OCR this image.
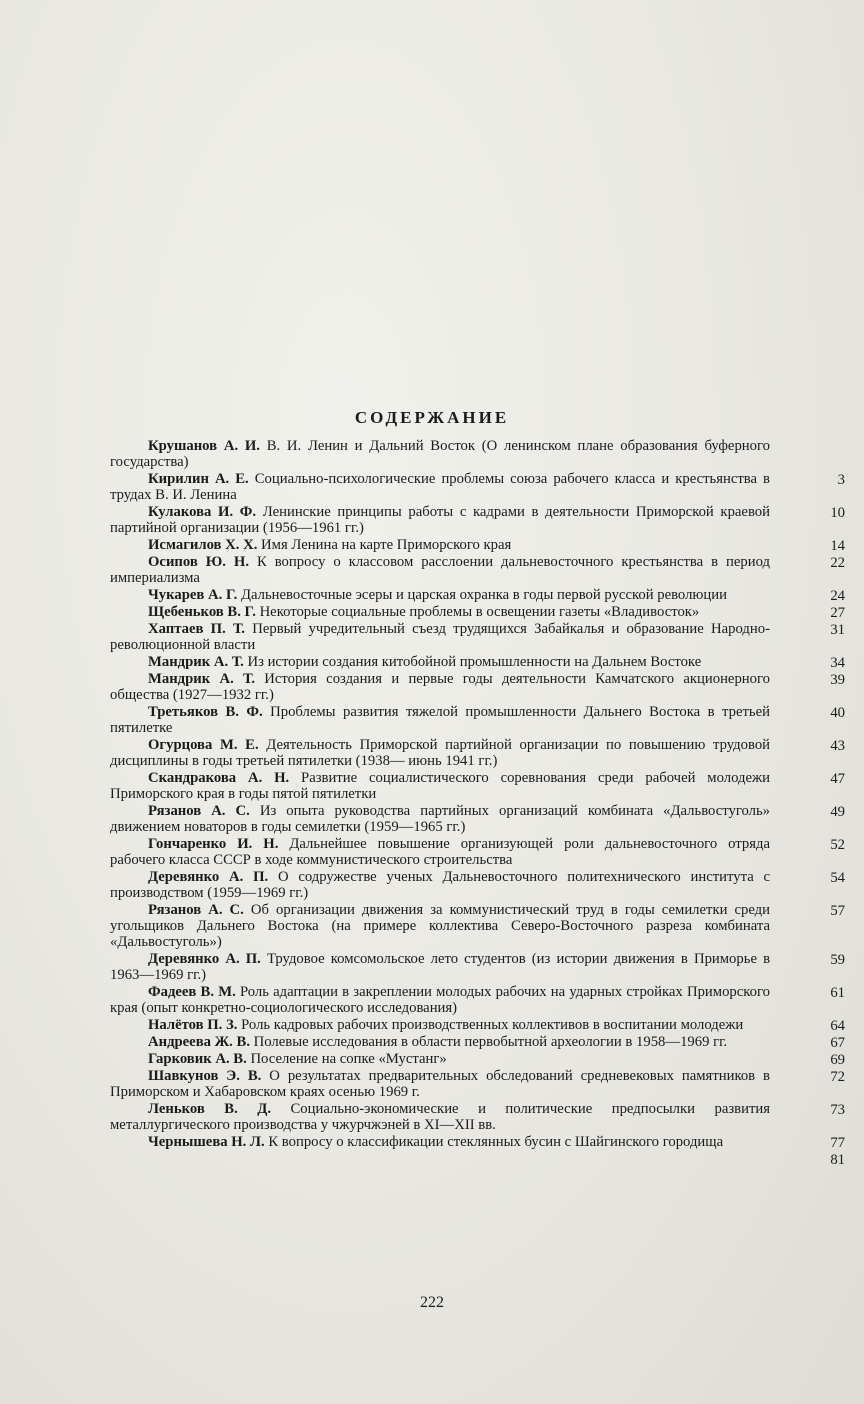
СОДЕРЖАНИЕ
Крушанов А. И. В. И. Ленин и Дальний Восток (О ленинском плане образования буферного государства)
3
Кирилин А. Е. Социально-психологические проблемы союза рабочего класса и крестьянства в трудах В. И. Ленина
10
Кулакова И. Ф. Ленинские принципы работы с кадрами в деятельности Приморской краевой партийной организации (1956—1961 гг.)
14
Исмагилов X. X. Имя Ленина на карте Приморского края
22
Осипов Ю. Н. К вопросу о классовом расслоении дальневосточного крестьянства в период империализма
24
Чукарев А. Г. Дальневосточные эсеры и царская охранка в годы первой русской революции
27
Щебеньков В. Г. Некоторые социальные проблемы в освещении газеты «Владивосток»
31
Хаптаев П. Т. Первый учредительный съезд трудящихся Забайкалья и образование Народно-революционной власти
34
Мандрик А. Т. Из истории создания китобойной промышленности на Дальнем Востоке
39
Мандрик А. Т. История создания и первые годы деятельности Камчатского акционерного общества (1927—1932 гг.)
40
Третьяков В. Ф. Проблемы развития тяжелой промышленности Дальнего Востока в третьей пятилетке
43
Огурцова М. Е. Деятельность Приморской партийной организации по повышению трудовой дисциплины в годы третьей пятилетки (1938— июнь 1941 гг.)
47
Скандракова А. Н. Развитие социалистического соревнования среди рабочей молодежи Приморского края в годы пятой пятилетки
49
Рязанов А. С. Из опыта руководства партийных организаций комбината «Дальвостуголь» движением новаторов в годы семилетки (1959—1965 гг.)
52
Гончаренко И. Н. Дальнейшее повышение организующей роли дальневосточного отряда рабочего класса СССР в ходе коммунистического строительства
54
Деревянко А. П. О содружестве ученых Дальневосточного политехнического института с производством (1959—1969 гг.)
57
Рязанов А. С. Об организации движения за коммунистический труд в годы семилетки среди угольщиков Дальнего Востока (на примере коллектива Северо-Восточного разреза комбината «Дальвостуголь»)
59
Деревянко А. П. Трудовое комсомольское лето студентов (из истории движения в Приморье в 1963—1969 гг.)
61
Фадеев В. М. Роль адаптации в закреплении молодых рабочих на ударных стройках Приморского края (опыт конкретно-социологического исследования)
64
Налётов П. З. Роль кадровых рабочих производственных коллективов в воспитании молодежи
67
Андреева Ж. В. Полевые исследования в области первобытной археологии в 1958—1969 гг.
69
Гарковик А. В. Поселение на сопке «Мустанг»
72
Шавкунов Э. В. О результатах предварительных обследований средневековых памятников в Приморском и Хабаровском краях осенью 1969 г.
73
Леньков В. Д. Социально-экономические и политические предпосылки развития металлургического производства у чжурчжэней в XI—XII вв.
77
Чернышева Н. Л. К вопросу о классификации стеклянных бусин с Шайгинского городища
81
222
